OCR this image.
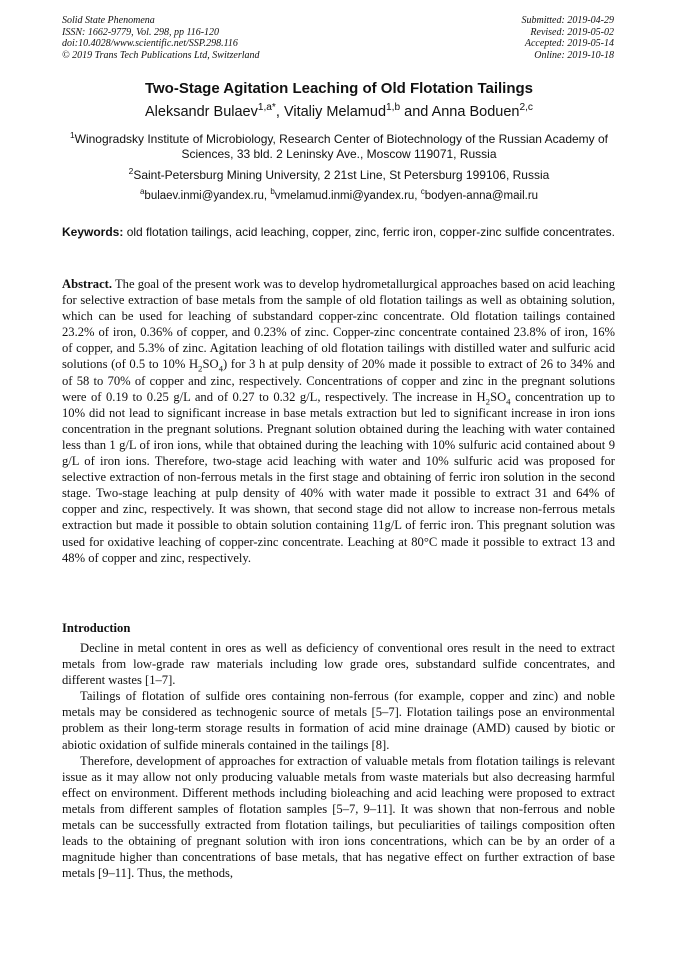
Solid State Phenomena
ISSN: 1662-9779, Vol. 298, pp 116-120
doi:10.4028/www.scientific.net/SSP.298.116
© 2019 Trans Tech Publications Ltd, Switzerland
Submitted: 2019-04-29
Revised: 2019-05-02
Accepted: 2019-05-14
Online: 2019-10-18
Two-Stage Agitation Leaching of Old Flotation Tailings
Aleksandr Bulaev$^{1,a*}$, Vitaliy Melamud$^{1,b}$ and Anna Boduen$^{2,c}$
$^1$Winogradsky Institute of Microbiology, Research Center of Biotechnology of the Russian Academy of Sciences, 33 bld. 2 Leninsky Ave., Moscow 119071, Russia
$^2$Saint-Petersburg Mining University, 2 21st Line, St Petersburg 199106, Russia
$^a$bulaev.inmi@yandex.ru, $^b$vmelamud.inmi@yandex.ru, $^c$bodyen-anna@mail.ru
Keywords: old flotation tailings, acid leaching, copper, zinc, ferric iron, copper-zinc sulfide concentrates.

Abstract. The goal of the present work was to develop hydrometallurgical approaches based on acid leaching for selective extraction of base metals from the sample of old flotation tailings as well as obtaining solution, which can be used for leaching of substandard copper-zinc concentrate. Old flotation tailings contained 23.2% of iron, 0.36% of copper, and 0.23% of zinc. Copper-zinc concentrate contained 23.8% of iron, 16% of copper, and 5.3% of zinc. Agitation leaching of old flotation tailings with distilled water and sulfuric acid solutions (of 0.5 to 10% $H_2SO_4$) for 3 h at pulp density of 20% made it possible to extract of 26 to 34% and of 58 to 70% of copper and zinc, respectively. Concentrations of copper and zinc in the pregnant solutions were of 0.19 to 0.25 g/L and of 0.27 to 0.32 g/L, respectively. The increase in $H_2SO_4$ concentration up to 10% did not lead to significant increase in base metals extraction but led to significant increase in iron ions concentration in the pregnant solutions. Pregnant solution obtained during the leaching with water contained less than 1 g/L of iron ions, while that obtained during the leaching with 10% sulfuric acid contained about 9 g/L of iron ions. Therefore, two-stage acid leaching with water and 10% sulfuric acid was proposed for selective extraction of non-ferrous metals in the first stage and obtaining of ferric iron solution in the second stage. Two-stage leaching at pulp density of 40% with water made it possible to extract 31 and 64% of copper and zinc, respectively. It was shown, that second stage did not allow to increase non-ferrous metals extraction but made it possible to obtain solution containing 11g/L of ferric iron. This pregnant solution was used for oxidative leaching of copper-zinc concentrate. Leaching at 80°C made it possible to extract 13 and 48% of copper and zinc, respectively.

Introduction

Decline in metal content in ores as well as deficiency of conventional ores result in the need to extract metals from low-grade raw materials including low grade ores, substandard sulfide concentrates, and different wastes [1–7].

Tailings of flotation of sulfide ores containing non-ferrous (for example, copper and zinc) and noble metals may be considered as technogenic source of metals [5–7]. Flotation tailings pose an environmental problem as their long-term storage results in formation of acid mine drainage (AMD) caused by biotic or abiotic oxidation of sulfide minerals contained in the tailings [8].

Therefore, development of approaches for extraction of valuable metals from flotation tailings is relevant issue as it may allow not only producing valuable metals from waste materials but also decreasing harmful effect on environment. Different methods including bioleaching and acid leaching were proposed to extract metals from different samples of flotation samples [5–7, 9–11]. It was shown that non-ferrous and noble metals can be successfully extracted from flotation tailings, but peculiarities of tailings composition often leads to the obtaining of pregnant solution with iron ions concentrations, which can be by an order of a magnitude higher than concentrations of base metals, that has negative effect on further extraction of base metals [9–11]. Thus, the methods,
